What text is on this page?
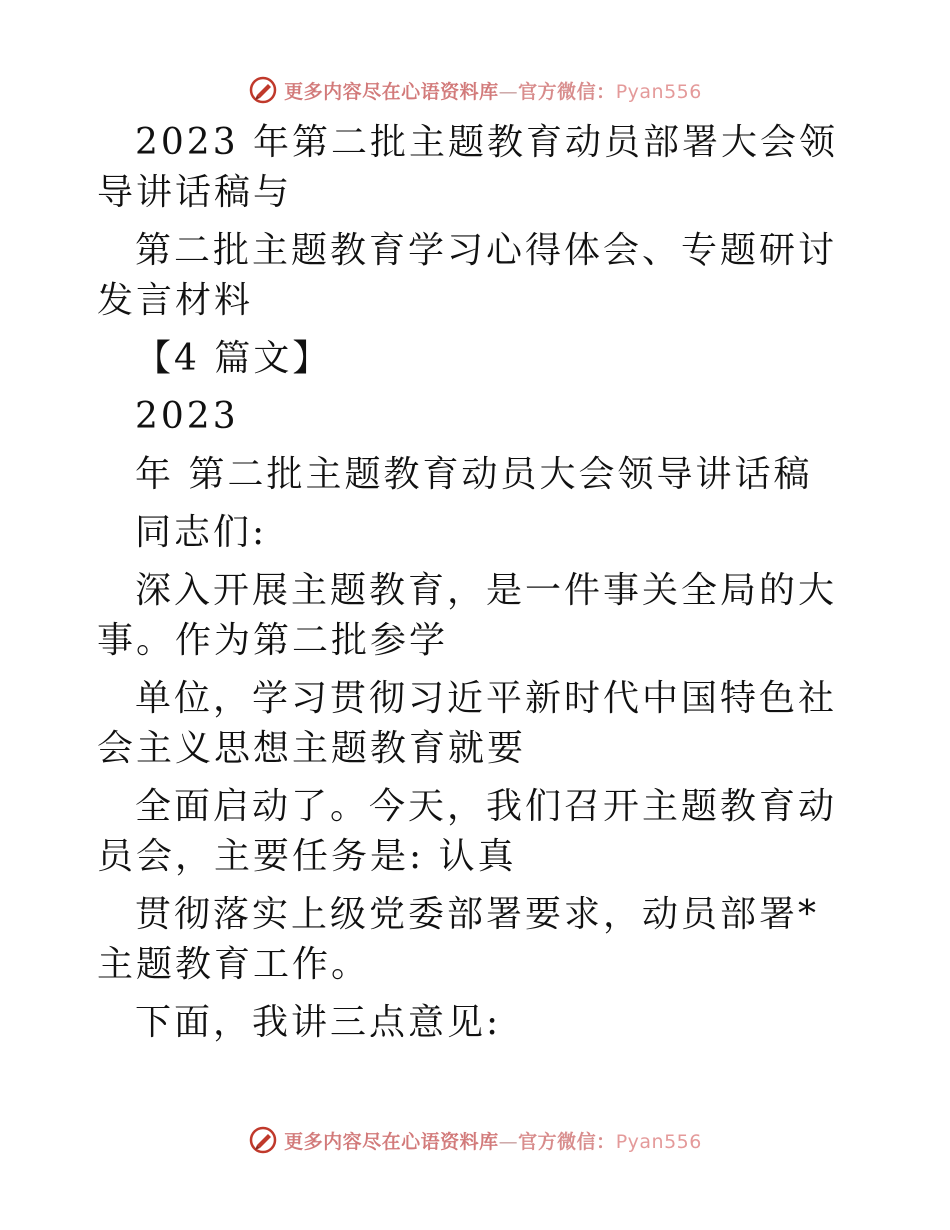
更多内容尽在心语资料库—官方微信：Pyan556

2023 年第二批主题教育动员部署大会领导讲话稿与

第二批主题教育学习心得体会、专题研讨发言材料

【4 篇文】

2023

年 第二批主题教育动员大会领导讲话稿

同志们:

深入开展主题教育，是一件事关全局的大事。作为第二批参学

单位，学习贯彻习近平新时代中国特色社会主义思想主题教育就要

全面启动了。今天，我们召开主题教育动员会，主要任务是: 认真

贯彻落实上级党委部署要求，动员部署*主题教育工作。

下面，我讲三点意见:

更多内容尽在心语资料库—官方微信：Pyan556
